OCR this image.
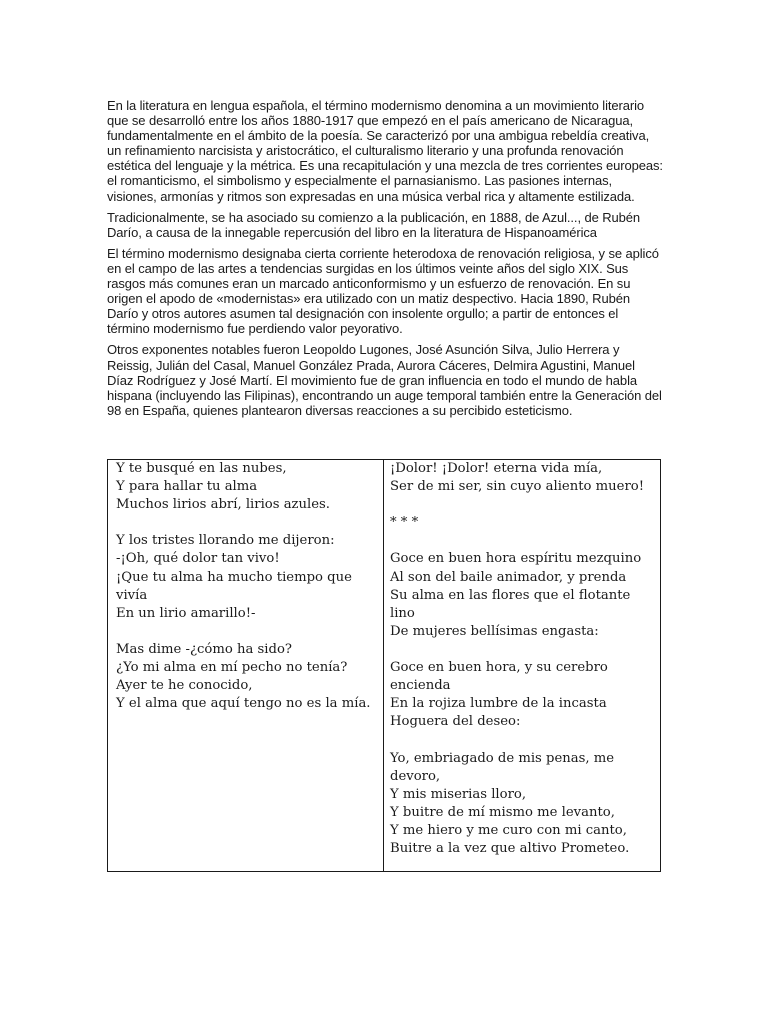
En la literatura en lengua española, el término modernismo denomina a un movimiento literario que se desarrolló entre los años 1880-1917 que empezó en el país americano de Nicaragua, fundamentalmente en el ámbito de la poesía. Se caracterizó por una ambigua rebeldía creativa, un refinamiento narcisista y aristocrático, el culturalismo literario y una profunda renovación estética del lenguaje y la métrica. Es una recapitulación y una mezcla de tres corrientes europeas: el romanticismo, el simbolismo y especialmente el parnasianismo. Las pasiones internas, visiones, armonías y ritmos son expresadas en una música verbal rica y altamente estilizada.

Tradicionalmente, se ha asociado su comienzo a la publicación, en 1888, de Azul..., de Rubén Darío, a causa de la innegable repercusión del libro en la literatura de Hispanoamérica

El término modernismo designaba cierta corriente heterodoxa de renovación religiosa, y se aplicó en el campo de las artes a tendencias surgidas en los últimos veinte años del siglo XIX. Sus rasgos más comunes eran un marcado anticonformismo y un esfuerzo de renovación. En su origen el apodo de «modernistas» era utilizado con un matiz despectivo. Hacia 1890, Rubén Darío y otros autores asumen tal designación con insolente orgullo; a partir de entonces el término modernismo fue perdiendo valor peyorativo.

Otros exponentes notables fueron Leopoldo Lugones, José Asunción Silva, Julio Herrera y Reissig, Julián del Casal, Manuel González Prada, Aurora Cáceres, Delmira Agustini, Manuel Díaz Rodríguez y José Martí. El movimiento fue de gran influencia en todo el mundo de habla hispana (incluyendo las Filipinas), encontrando un auge temporal también entre la Generación del 98 en España, quienes plantearon diversas reacciones a su percibido esteticismo.

Y te busqué en las nubes,
Y para hallar tu alma
Muchos lirios abrí, lirios azules.
Y los tristes llorando me dijeron:
-¡Oh, qué dolor tan vivo!
¡Que tu alma ha mucho tiempo que vivía
En un lirio amarillo!-
Mas dime -¿cómo ha sido?
¿Yo mi alma en mí pecho no tenía?
Ayer te he conocido,
Y el alma que aquí tengo no es la mía.
¡Dolor! ¡Dolor! eterna vida mía,
Ser de mi ser, sin cuyo aliento muero!
* * *
Goce en buen hora espíritu mezquino
Al son del baile animador, y prenda
Su alma en las flores que el flotante lino
De mujeres bellísimas engasta:
Goce en buen hora, y su cerebro encienda
En la rojiza lumbre de la incasta
Hoguera del deseo:
Yo, embriagado de mis penas, me devoro,
Y mis miserias lloro,
Y buitre de mí mismo me levanto,
Y me hiero y me curo con mi canto,
Buitre a la vez que altivo Prometeo.
